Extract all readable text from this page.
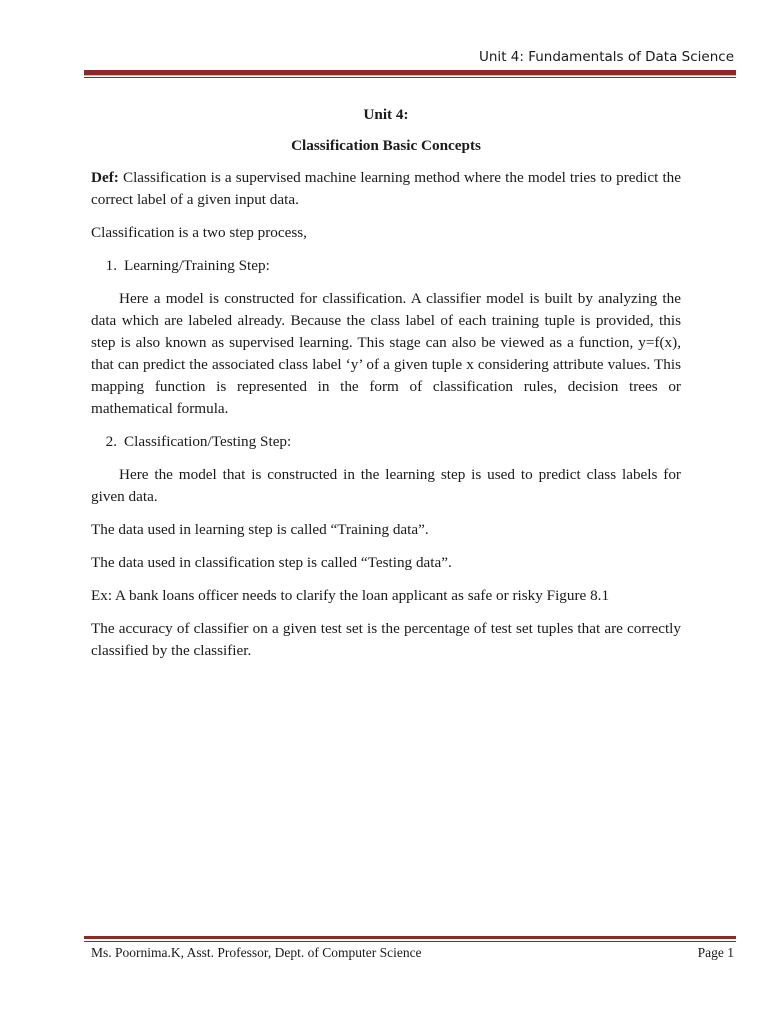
Unit 4: Fundamentals of Data Science

Unit 4:

Classification Basic Concepts

Def: Classification is a supervised machine learning method where the model tries to predict the correct label of a given input data.

Classification is a two step process,

1. Learning/Training Step:

Here a model is constructed for classification. A classifier model is built by analyzing the data which are labeled already. Because the class label of each training tuple is provided, this step is also known as supervised learning. This stage can also be viewed as a function, y=f(x), that can predict the associated class label ‘y’ of a given tuple x considering attribute values. This mapping function is represented in the form of classification rules, decision trees or mathematical formula.

2. Classification/Testing Step:

Here the model that is constructed in the learning step is used to predict class labels for given data.

The data used in learning step is called “Training data”.

The data used in classification step is called “Testing data”.

Ex: A bank loans officer needs to clarify the loan applicant as safe or risky Figure 8.1

The accuracy of classifier on a given test set is the percentage of test set tuples that are correctly classified by the classifier.

Ms. Poornima.K, Asst. Professor, Dept. of Computer Science	Page 1
